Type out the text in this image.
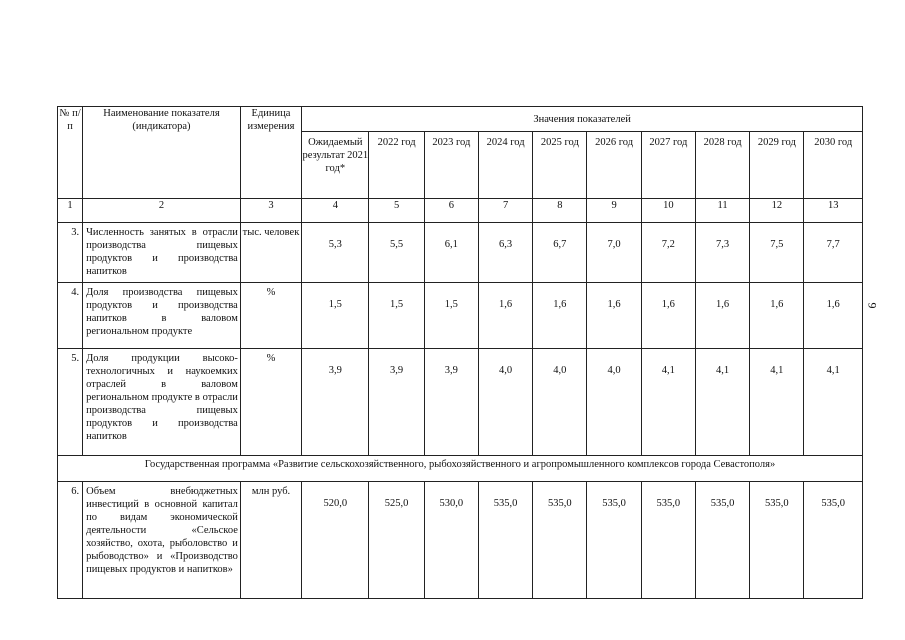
№ п/п	Наименование показателя (индикатора)	Единица измерения	Значения показателей									
			Ожидаемый результат 2021 год*	2022 год	2023 год	2024 год	2025 год	2026 год	2027 год	2028 год	2029 год	2030 год
1	2	3	4	5	6	7	8	9	10	11	12	13
3.	Численность занятых в отрасли производства пищевых продуктов и производства напитков	тыс. человек	5,3	5,5	6,1	6,3	6,7	7,0	7,2	7,3	7,5	7,7
4.	Доля производства пищевых продуктов и производства напитков в валовом региональном продукте	%	1,5	1,5	1,5	1,6	1,6	1,6	1,6	1,6	1,6	1,6
5.	Доля продукции высоко-технологичных и наукоемких отраслей в валовом региональном продукте в отрасли производства пищевых продуктов и производства напитков	%	3,9	3,9	3,9	4,0	4,0	4,0	4,1	4,1	4,1	4,1
Государственная программа «Развитие сельскохозяйственного, рыбохозяйственного и агропромышленного комплексов города Севастополя»												
6.	Объем внебюджетных инвестиций в основной капитал по видам экономической деятельности «Сельское хозяйство, охота, рыболовство и рыбоводство» и «Производство пищевых продуктов и напитков»	млн руб.	520,0	525,0	530,0	535,0	535,0	535,0	535,0	535,0	535,0	535,0
9
